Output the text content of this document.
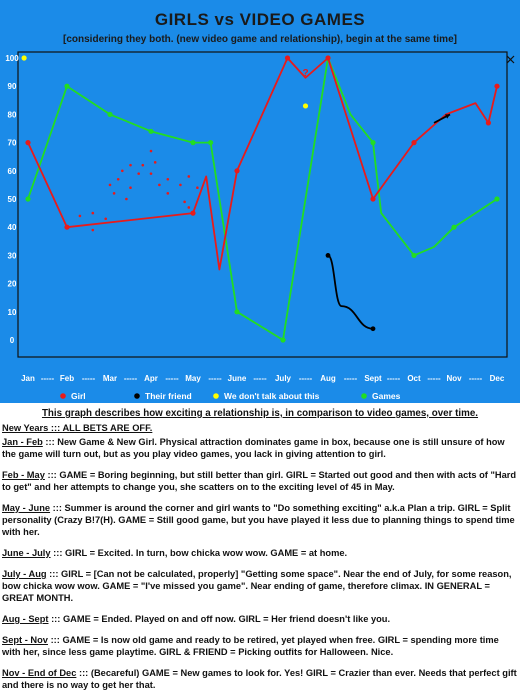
0
10
20
30
40
50
60
70
80
90
100
Jan ----- Feb ----- Mar ----- Apr ----- May ----- June ----- July ----- Aug ----- Sept ----- Oct ----- Nov ----- Dec
?
Girl	Their friend	We don't talk about this	Games
GIRLS vs VIDEO GAMES
[considering they both. (new video game and relationship), begin at the same time]
This graph describes how exciting a relationship is, in comparison to video games, over time.
New Years ::: ALL BETS ARE OFF.
Jan - Feb ::: New Game & New Girl. Physical attraction dominates game in box, because one is still unsure of how the game will turn out, but as you play video games, you lack in giving attention to girl.
Feb - May ::: GAME = Boring beginning, but still better than girl. GIRL = Started out good and then with acts of "Hard to get" and her attempts to change you, she scatters on to the exciting level of 45 in May.
May - June ::: Summer is around the corner and girl wants to "Do something exciting" a.k.a Plan a trip. GIRL = Split personality (Crazy B!7(H). GAME = Still good game, but you have played it less due to planning things to spend time with her.
June - July ::: GIRL = Excited. In turn, bow chicka wow wow. GAME = at home.
July - Aug ::: GIRL = [Can not be calculated, properly] "Getting some space". Near the end of July, for some reason, bow chicka wow wow. GAME = "I've missed you game". Near ending of game, therefore climax. IN GENERAL = GREAT MONTH.
Aug - Sept ::: GAME = Ended. Played on and off now. GIRL = Her friend doesn't like you.
Sept - Nov ::: GAME = Is now old game and ready to be retired, yet played when free. GIRL = spending more time with her, since less game playtime. GIRL & FRIEND = Picking outfits for Halloween. Nice.
Nov - End of Dec ::: (Becareful) GAME = New games to look for. Yes! GIRL = Crazier than ever. Needs that perfect gift and there is no way to get her that.
